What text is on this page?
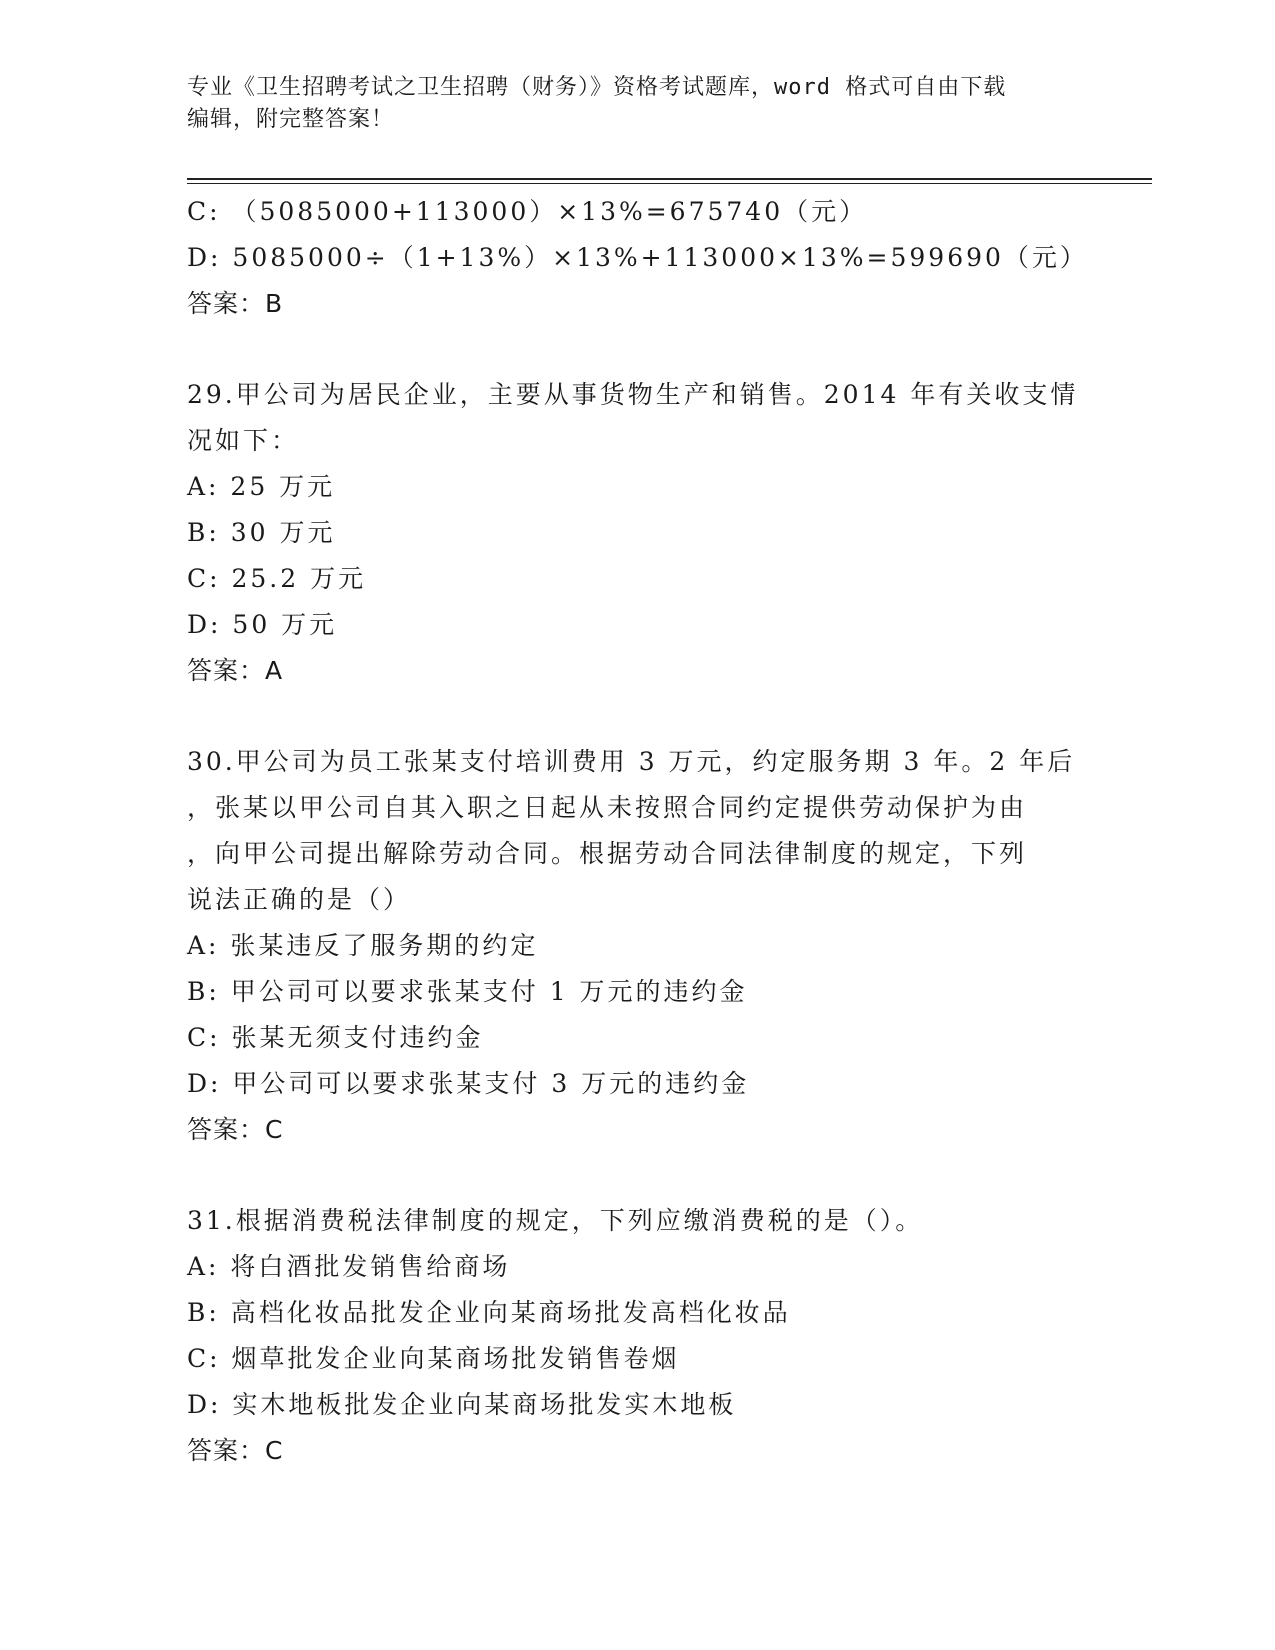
专业《卫生招聘考试之卫生招聘（财务）》资格考试题库，word 格式可自由下载
编辑，附完整答案！
C: （5085000+113000）×13%=675740（元）
D: 5085000÷（1+13%）×13%+113000×13%=599690（元）
答案：B
29.甲公司为居民企业，主要从事货物生产和销售。2014 年有关收支情
况如下：
A: 25 万元
B: 30 万元
C: 25.2 万元
D: 50 万元
答案：A
30.甲公司为员工张某支付培训费用 3 万元，约定服务期 3 年。2 年后
，张某以甲公司自其入职之日起从未按照合同约定提供劳动保护为由
，向甲公司提出解除劳动合同。根据劳动合同法律制度的规定，下列
说法正确的是（）
A: 张某违反了服务期的约定
B: 甲公司可以要求张某支付 1 万元的违约金
C: 张某无须支付违约金
D: 甲公司可以要求张某支付 3 万元的违约金
答案：C
31.根据消费税法律制度的规定，下列应缴消费税的是（）。
A: 将白酒批发销售给商场
B: 高档化妆品批发企业向某商场批发高档化妆品
C: 烟草批发企业向某商场批发销售卷烟
D: 实木地板批发企业向某商场批发实木地板
答案：C
